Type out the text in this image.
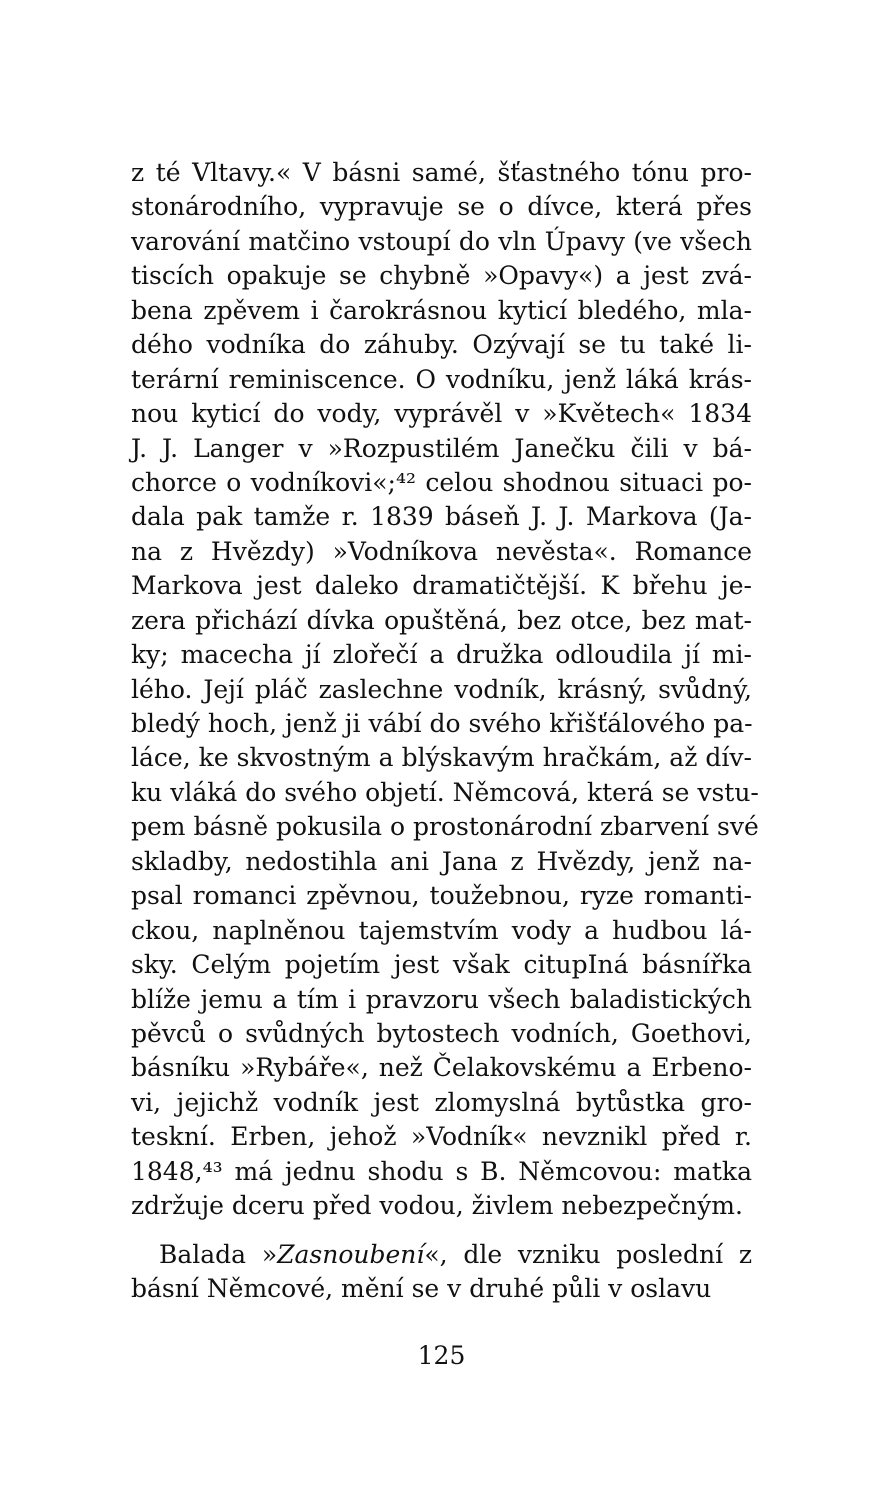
z té Vltavy.« V básni samé, šťastného tónu pro-
stonárodního, vypravuje se o dívce, která přes
varování matčino vstoupí do vln Úpavy (ve všech
tiscích opakuje se chybně »Opavy«) a jest zvá-
bena zpěvem i čarokrásnou kyticí bledého, mla-
dého vodníka do záhuby. Ozývají se tu také li-
terární reminiscence. O vodníku, jenž láká krás-
nou kyticí do vody, vyprávěl v »Květech« 1834
J. J. Langer v »Rozpustilém Janečku čili v bá-
chorce o vodníkovi«;⁴² celou shodnou situaci po-
dala pak tamže r. 1839 báseň J. J. Markova (Ja-
na z Hvězdy) »Vodníkova nevěsta«. Romance
Markova jest daleko dramatičtější. K břehu je-
zera přichází dívka opuštěná, bez otce, bez mat-
ky; macecha jí zlořečí a družka odloudila jí mi-
lého. Její pláč zaslechne vodník, krásný, svůdný,
bledý hoch, jenž ji vábí do svého křišťálového pa-
láce, ke skvostným a blýskavým hračkám, až dív-
ku vláká do svého objetí. Němcová, která se vstu-
pem básně pokusila o prostonárodní zbarvení své
skladby, nedostihla ani Jana z Hvězdy, jenž na-
psal romanci zpěvnou, toužebnou, ryze romanti-
ckou, naplněnou tajemstvím vody a hudbou lá-
sky. Celým pojetím jest však citupIná básnířka
blíže jemu a tím i pravzoru všech baladistických
pěvců o svůdných bytostech vodních, Goethovi,
básníku »Rybáře«, než Čelakovskému a Erbeno-
vi, jejichž vodník jest zlomyslná bytůstka gro-
teskní. Erben, jehož »Vodník« nevznikl před r.
1848,⁴³ má jednu shodu s B. Němcovou: matka
zdržuje dceru před vodou, živlem nebezpečným.
Balada »Zasnoubení«, dle vzniku poslední z
básní Němcové, mění se v druhé půli v oslavu
125
